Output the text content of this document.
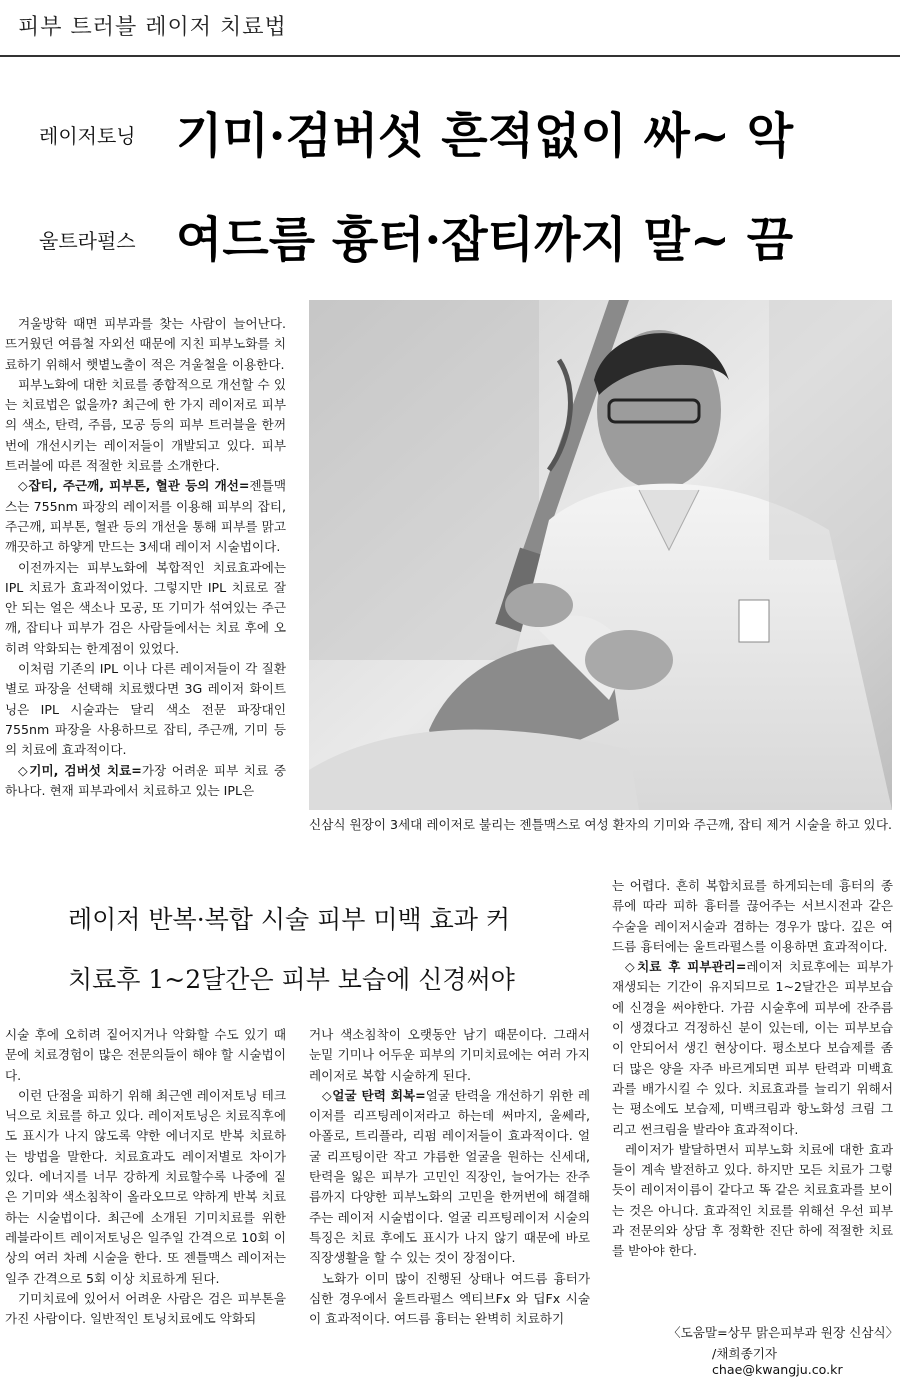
피부 트러블 레이저 치료법
레이저토닝 기미·검버섯 흔적없이 싸~ 악
울트라펄스 여드름 흉터·잡티까지 말~ 끔

겨울방학 때면 피부과를 찾는 사람이 늘어난다. 뜨거웠던 여름철 자외선 때문에 지친 피부노화를 치료하기 위해서 햇볕노출이 적은 겨울철을 이용한다.

피부노화에 대한 치료를 종합적으로 개선할 수 있는 치료법은 없을까? 최근에 한 가지 레이저로 피부의 색소, 탄력, 주름, 모공 등의 피부 트러블을 한꺼번에 개선시키는 레이저들이 개발되고 있다. 피부 트러블에 따른 적절한 치료를 소개한다.

◇잡티, 주근깨, 피부톤, 혈관 등의 개선=젠틀맥스는 755nm 파장의 레이저를 이용해 피부의 잡티, 주근깨, 피부톤, 혈관 등의 개선을 통해 피부를 맑고 깨끗하고 하얗게 만드는 3세대 레이저 시술법이다.

이전까지는 피부노화에 복합적인 치료효과에는 IPL 치료가 효과적이었다. 그렇지만 IPL 치료로 잘 안 되는 얼은 색소나 모공, 또 기미가 섞여있는 주근깨, 잡티나 피부가 검은 사람들에서는 치료 후에 오히려 악화되는 한계점이 있었다.

이처럼 기존의 IPL 이나 다른 레이저들이 각 질환별로 파장을 선택해 치료했다면 3G 레이저 화이트닝은 IPL 시술과는 달리 색소 전문 파장대인 755nm 파장을 사용하므로 잡티, 주근깨, 기미 등의 치료에 효과적이다.

◇기미, 검버섯 치료=가장 어려운 피부 치료 중 하나다. 현재 피부과에서 치료하고 있는 IPL은

신삼식 원장이 3세대 레이저로 불리는 젠틀맥스로 여성 환자의 기미와 주근깨, 잡티 제거 시술을 하고 있다.
레이저 반복·복합 시술 피부 미백 효과 커
치료후 1~2달간은 피부 보습에 신경써야

시술 후에 오히려 짙어지거나 악화할 수도 있기 때문에 치료경험이 많은 전문의들이 해야 할 시술법이다.

이런 단점을 피하기 위해 최근엔 레이저토닝 테크닉으로 치료를 하고 있다. 레이저토닝은 치료직후에도 표시가 나지 않도록 약한 에너지로 반복 치료하는 방법을 말한다. 치료효과도 레이저별로 차이가 있다. 에너지를 너무 강하게 치료할수록 나중에 짙은 기미와 색소침착이 올라오므로 약하게 반복 치료하는 시술법이다. 최근에 소개된 기미치료를 위한 레블라이트 레이저토닝은 일주일 간격으로 10회 이상의 여러 차례 시술을 한다. 또 젠틀맥스 레이저는 일주 간격으로 5회 이상 치료하게 된다.

기미치료에 있어서 어려운 사람은 검은 피부톤을 가진 사람이다. 일반적인 토닝치료에도 악화되

거나 색소침착이 오랫동안 남기 때문이다. 그래서 눈밑 기미나 어두운 피부의 기미치료에는 여러 가지 레이저로 복합 시술하게 된다.

◇얼굴 탄력 회복=얼굴 탄력을 개선하기 위한 레이저를 리프팅레이저라고 하는데 써마지, 울쎄라, 아폴로, 트리플라, 리펌 레이저들이 효과적이다. 얼굴 리프팅이란 작고 갸름한 얼굴을 원하는 신세대, 탄력을 잃은 피부가 고민인 직장인, 늘어가는 잔주름까지 다양한 피부노화의 고민을 한꺼번에 해결해 주는 레이저 시술법이다. 얼굴 리프팅레이저 시술의 특징은 치료 후에도 표시가 나지 않기 때문에 바로 직장생활을 할 수 있는 것이 장점이다.

노화가 이미 많이 진행된 상태나 여드름 흉터가 심한 경우에서 울트라펄스 엑티브Fx 와 딥Fx 시술이 효과적이다. 여드름 흉터는 완벽히 치료하기

는 어렵다. 흔히 복합치료를 하게되는데 흉터의 종류에 따라 피하 흉터를 끊어주는 서브시전과 같은 수술을 레이저시술과 겸하는 경우가 많다. 깊은 여드름 흉터에는 울트라펄스를 이용하면 효과적이다.

◇치료 후 피부관리=레이저 치료후에는 피부가 재생되는 기간이 유지되므로 1~2달간은 피부보습에 신경을 써야한다. 가끔 시술후에 피부에 잔주름이 생겼다고 걱정하신 분이 있는데, 이는 피부보습이 안되어서 생긴 현상이다. 평소보다 보습제를 좀 더 많은 양을 자주 바르게되면 피부 탄력과 미백효과를 배가시킬 수 있다. 치료효과를 늘리기 위해서는 평소에도 보습제, 미백크림과 항노화성 크림 그리고 썬크림을 발라야 효과적이다.

레이저가 발달하면서 피부노화 치료에 대한 효과들이 계속 발전하고 있다. 하지만 모든 치료가 그렇듯이 레이저이름이 같다고 똑 같은 치료효과를 보이는 것은 아니다. 효과적인 치료를 위해선 우선 피부과 전문의와 상담 후 정확한 진단 하에 적절한 치료를 받아야 한다.

〈도움말=상무 맑은피부과 원장 신삼식〉
/채희종기자 chae@kwangju.co.kr
